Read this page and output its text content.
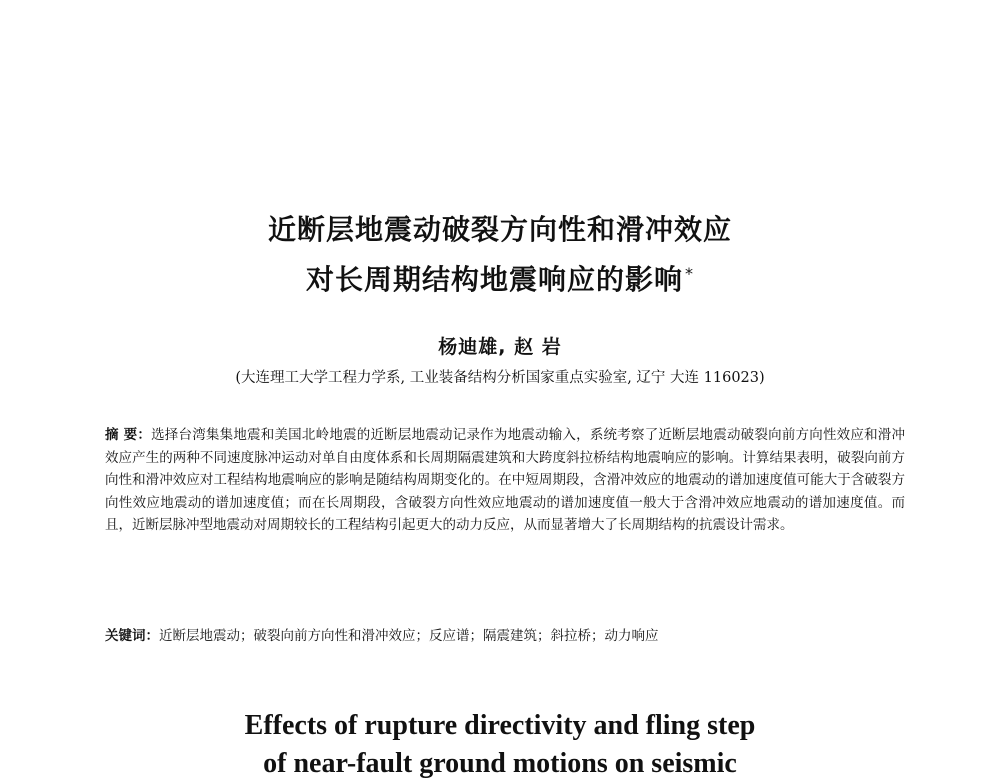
近断层地震动破裂方向性和滑冲效应
对长周期结构地震响应的影响 *
杨迪雄, 赵 岩
(大连理工大学工程力学系, 工业装备结构分析国家重点实验室, 辽宁 大连 116023)
摘 要：选择台湾集集地震和美国北岭地震的近断层地震动记录作为地震动输入，系统考察了近断层地震动破裂向前方向性效应和滑冲效应产生的两种不同速度脉冲运动对单自由度体系和长周期隔震建筑和大跨度斜拉桥结构地震响应的影响。计算结果表明，破裂向前方向性和滑冲效应对工程结构地震响应的影响是随结构周期变化的。在中短周期段，含滑冲效应的地震动的谱加速度值可能大于含破裂方向性效应地震动的谱加速度值；而在长周期段，含破裂方向性效应地震动的谱加速度值一般大于含滑冲效应地震动的谱加速度值。而且，近断层脉冲型地震动对周期较长的工程结构引起更大的动力反应，从而显著增大了长周期结构的抗震设计需求。
关键词：近断层地震动；破裂向前方向性和滑冲效应；反应谱；隔震建筑；斜拉桥；动力响应
Effects of rupture directivity and fling step
of near-fault ground motions on seismic
